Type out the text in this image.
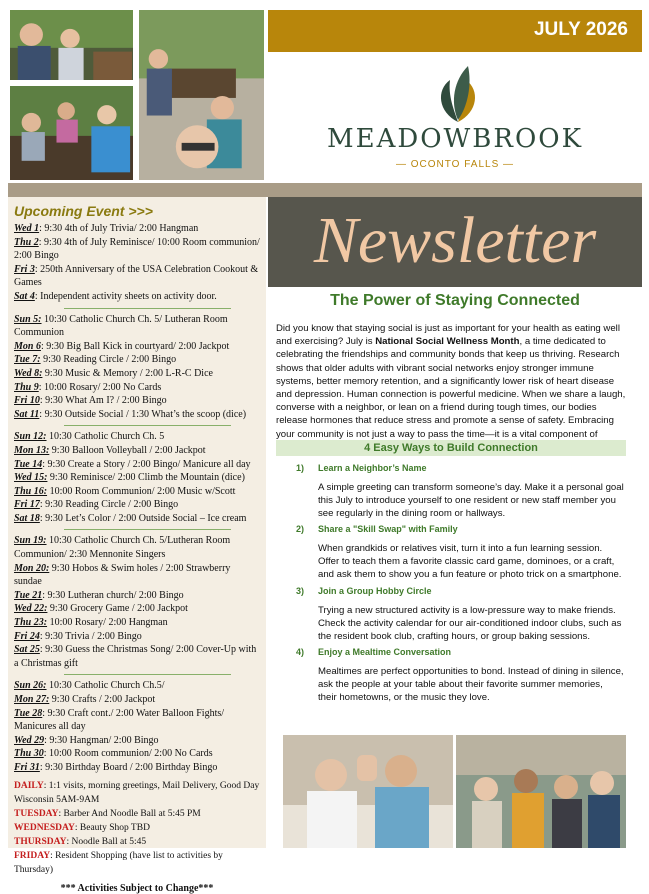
JULY 2026
MEADOWBROOK
— OCONTO FALLS —
Newsletter
Upcoming Event >>>
Wed 1: 9:30 4th of July Trivia/ 2:00 Hangman
Thu 2: 9:30 4th of July Reminisce/ 10:00 Room communion/ 2:00 Bingo
Fri 3: 250th Anniversary of the USA Celebration Cookout & Games
Sat 4: Independent activity sheets on activity door.
Sun 5: 10:30 Catholic Church Ch. 5/ Lutheran Room Communion
Mon 6: 9:30 Big Ball Kick in courtyard/ 2:00 Jackpot
Tue 7: 9:30 Reading Circle / 2:00 Bingo
Wed 8: 9:30 Music & Memory / 2:00 L-R-C Dice
Thu 9: 10:00 Rosary/ 2:00 No Cards
Fri 10: 9:30 What Am I? / 2:00 Bingo
Sat 11: 9:30 Outside Social / 1:30 What’s the scoop (dice)
Sun 12: 10:30 Catholic Church Ch. 5
Mon 13: 9:30 Balloon Volleyball / 2:00 Jackpot
Tue 14: 9:30 Create a Story / 2:00 Bingo/ Manicure all day
Wed 15: 9:30 Reminisce/ 2:00 Climb the Mountain (dice)
Thu 16: 10:00 Room Communion/ 2:00 Music w/Scott
Fri 17: 9:30 Reading Circle / 2:00 Bingo
Sat 18: 9:30 Let’s Color / 2:00 Outside Social – Ice cream
Sun 19: 10:30 Catholic Church Ch. 5/Lutheran Room Communion/ 2:30 Mennonite Singers
Mon 20: 9:30 Hobos & Swim holes / 2:00 Strawberry sundae
Tue 21: 9:30 Lutheran church/ 2:00 Bingo
Wed 22: 9:30 Grocery Game / 2:00 Jackpot
Thu 23: 10:00 Rosary/ 2:00 Hangman
Fri 24: 9:30 Trivia / 2:00 Bingo
Sat 25: 9:30 Guess the Christmas Song/ 2:00 Cover-Up with a Christmas gift
Sun 26: 10:30 Catholic Church Ch.5/
Mon 27: 9:30 Crafts / 2:00 Jackpot
Tue 28: 9:30 Craft cont./ 2:00 Water Balloon Fights/ Manicures all day
Wed 29: 9:30 Hangman/ 2:00 Bingo
Thu 30: 10:00 Room communion/ 2:00 No Cards
Fri 31: 9:30 Birthday Board / 2:00 Birthday Bingo
DAILY: 1:1 visits, morning greetings, Mail Delivery, Good Day Wisconsin 5AM-9AM
TUESDAY: Barber And Noodle Ball at 5:45 PM
WEDNESDAY: Beauty Shop TBD
THURSDAY: Noodle Ball at 5:45
FRIDAY: Resident Shopping (have list to activities by Thursday)
*** Activities Subject to Change***
The Power of Staying Connected
Did you know that staying social is just as important for your health as eating well and exercising? July is National Social Wellness Month, a time dedicated to celebrating the friendships and community bonds that keep us thriving. Research shows that older adults with vibrant social networks enjoy stronger immune systems, better memory retention, and a significantly lower risk of heart disease and depression. Human connection is powerful medicine. When we share a laugh, converse with a neighbor, or lean on a friend during tough times, our bodies release hormones that reduce stress and promote a sense of safety. Embracing your community is not just a way to pass the time—it is a vital component of
4 Easy Ways to Build Connection
1) Learn a Neighbor’s Name
A simple greeting can transform someone’s day. Make it a personal goal this July to introduce yourself to one resident or new staff member you see regularly in the dining room or hallways.
2) Share a "Skill Swap" with Family
When grandkids or relatives visit, turn it into a fun learning session. Offer to teach them a favorite classic card game, dominoes, or a craft, and ask them to show you a fun feature or photo trick on a smartphone.
3) Join a Group Hobby Circle
Trying a new structured activity is a low-pressure way to make friends. Check the activity calendar for our air-conditioned indoor clubs, such as the resident book club, crafting hours, or group baking sessions.
4) Enjoy a Mealtime Conversation
Mealtimes are perfect opportunities to bond. Instead of dining in silence, ask the people at your table about their favorite summer memories, their hometowns, or the music they love.
